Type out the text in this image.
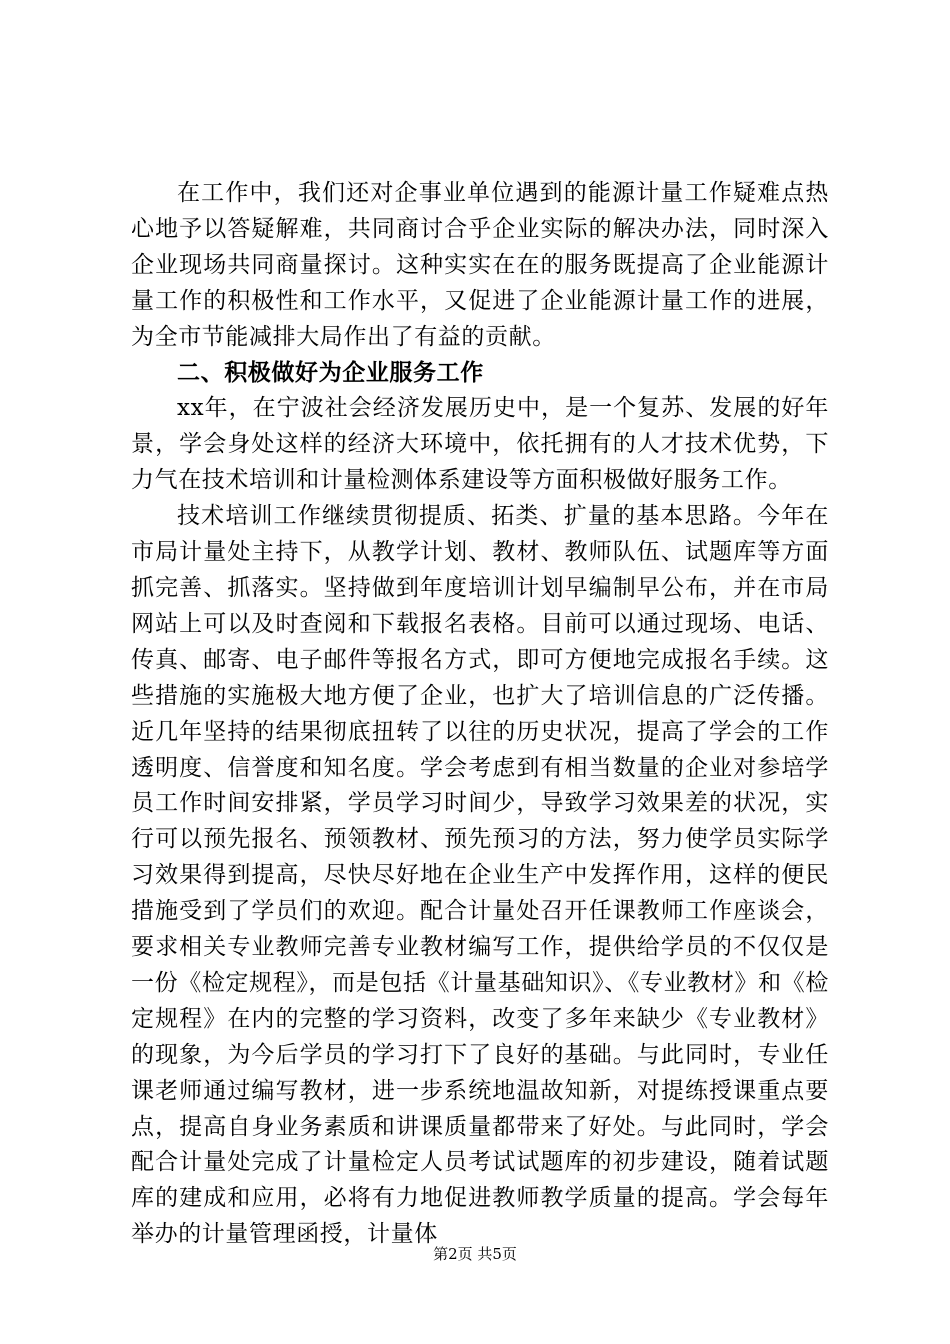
在工作中，我们还对企事业单位遇到的能源计量工作疑难点热心地予以答疑解难，共同商讨合乎企业实际的解决办法，同时深入企业现场共同商量探讨。这种实实在在的服务既提高了企业能源计量工作的积极性和工作水平，又促进了企业能源计量工作的进展，为全市节能减排大局作出了有益的贡献。

二、积极做好为企业服务工作

xx年，在宁波社会经济发展历史中，是一个复苏、发展的好年景，学会身处这样的经济大环境中，依托拥有的人才技术优势，下力气在技术培训和计量检测体系建设等方面积极做好服务工作。

技术培训工作继续贯彻提质、拓类、扩量的基本思路。今年在市局计量处主持下，从教学计划、教材、教师队伍、试题库等方面抓完善、抓落实。坚持做到年度培训计划早编制早公布，并在市局网站上可以及时查阅和下载报名表格。目前可以通过现场、电话、传真、邮寄、电子邮件等报名方式，即可方便地完成报名手续。这些措施的实施极大地方便了企业，也扩大了培训信息的广泛传播。近几年坚持的结果彻底扭转了以往的历史状况，提高了学会的工作透明度、信誉度和知名度。学会考虑到有相当数量的企业对参培学员工作时间安排紧，学员学习时间少，导致学习效果差的状况，实行可以预先报名、预领教材、预先预习的方法，努力使学员实际学习效果得到提高，尽快尽好地在企业生产中发挥作用，这样的便民措施受到了学员们的欢迎。配合计量处召开任课教师工作座谈会，要求相关专业教师完善专业教材编写工作，提供给学员的不仅仅是一份《检定规程》，而是包括《计量基础知识》、《专业教材》和《检定规程》在内的完整的学习资料，改变了多年来缺少《专业教材》的现象，为今后学员的学习打下了良好的基础。与此同时，专业任课老师通过编写教材，进一步系统地温故知新，对提练授课重点要点，提高自身业务素质和讲课质量都带来了好处。与此同时，学会配合计量处完成了计量检定人员考试试题库的初步建设，随着试题库的建成和应用，必将有力地促进教师教学质量的提高。学会每年举办的计量管理函授，计量体

第2页 共5页
